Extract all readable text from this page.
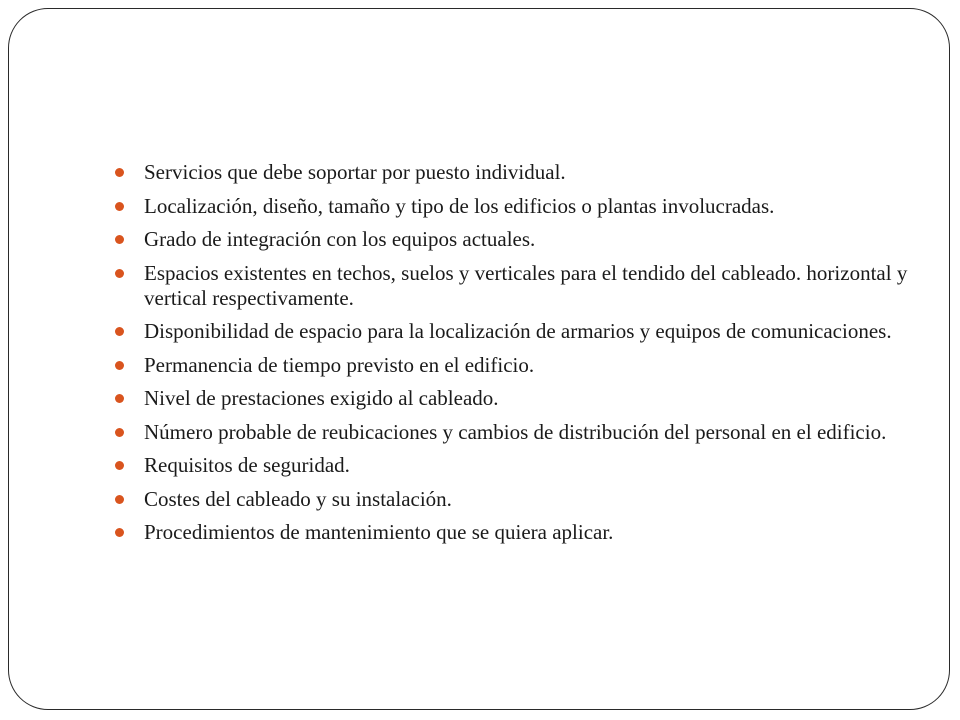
Servicios que debe soportar por puesto individual.
Localización, diseño, tamaño y tipo de los edificios o plantas involucradas.
Grado de integración con los equipos actuales.
Espacios existentes en techos, suelos y verticales para el tendido del cableado. horizontal y vertical respectivamente.
Disponibilidad de espacio para la localización de armarios y equipos de comunicaciones.
Permanencia de tiempo previsto en el edificio.
Nivel de prestaciones exigido al cableado.
Número probable de reubicaciones y cambios de distribución del personal en el edificio.
Requisitos de seguridad.
Costes del cableado y su instalación.
Procedimientos de mantenimiento que se quiera aplicar.
